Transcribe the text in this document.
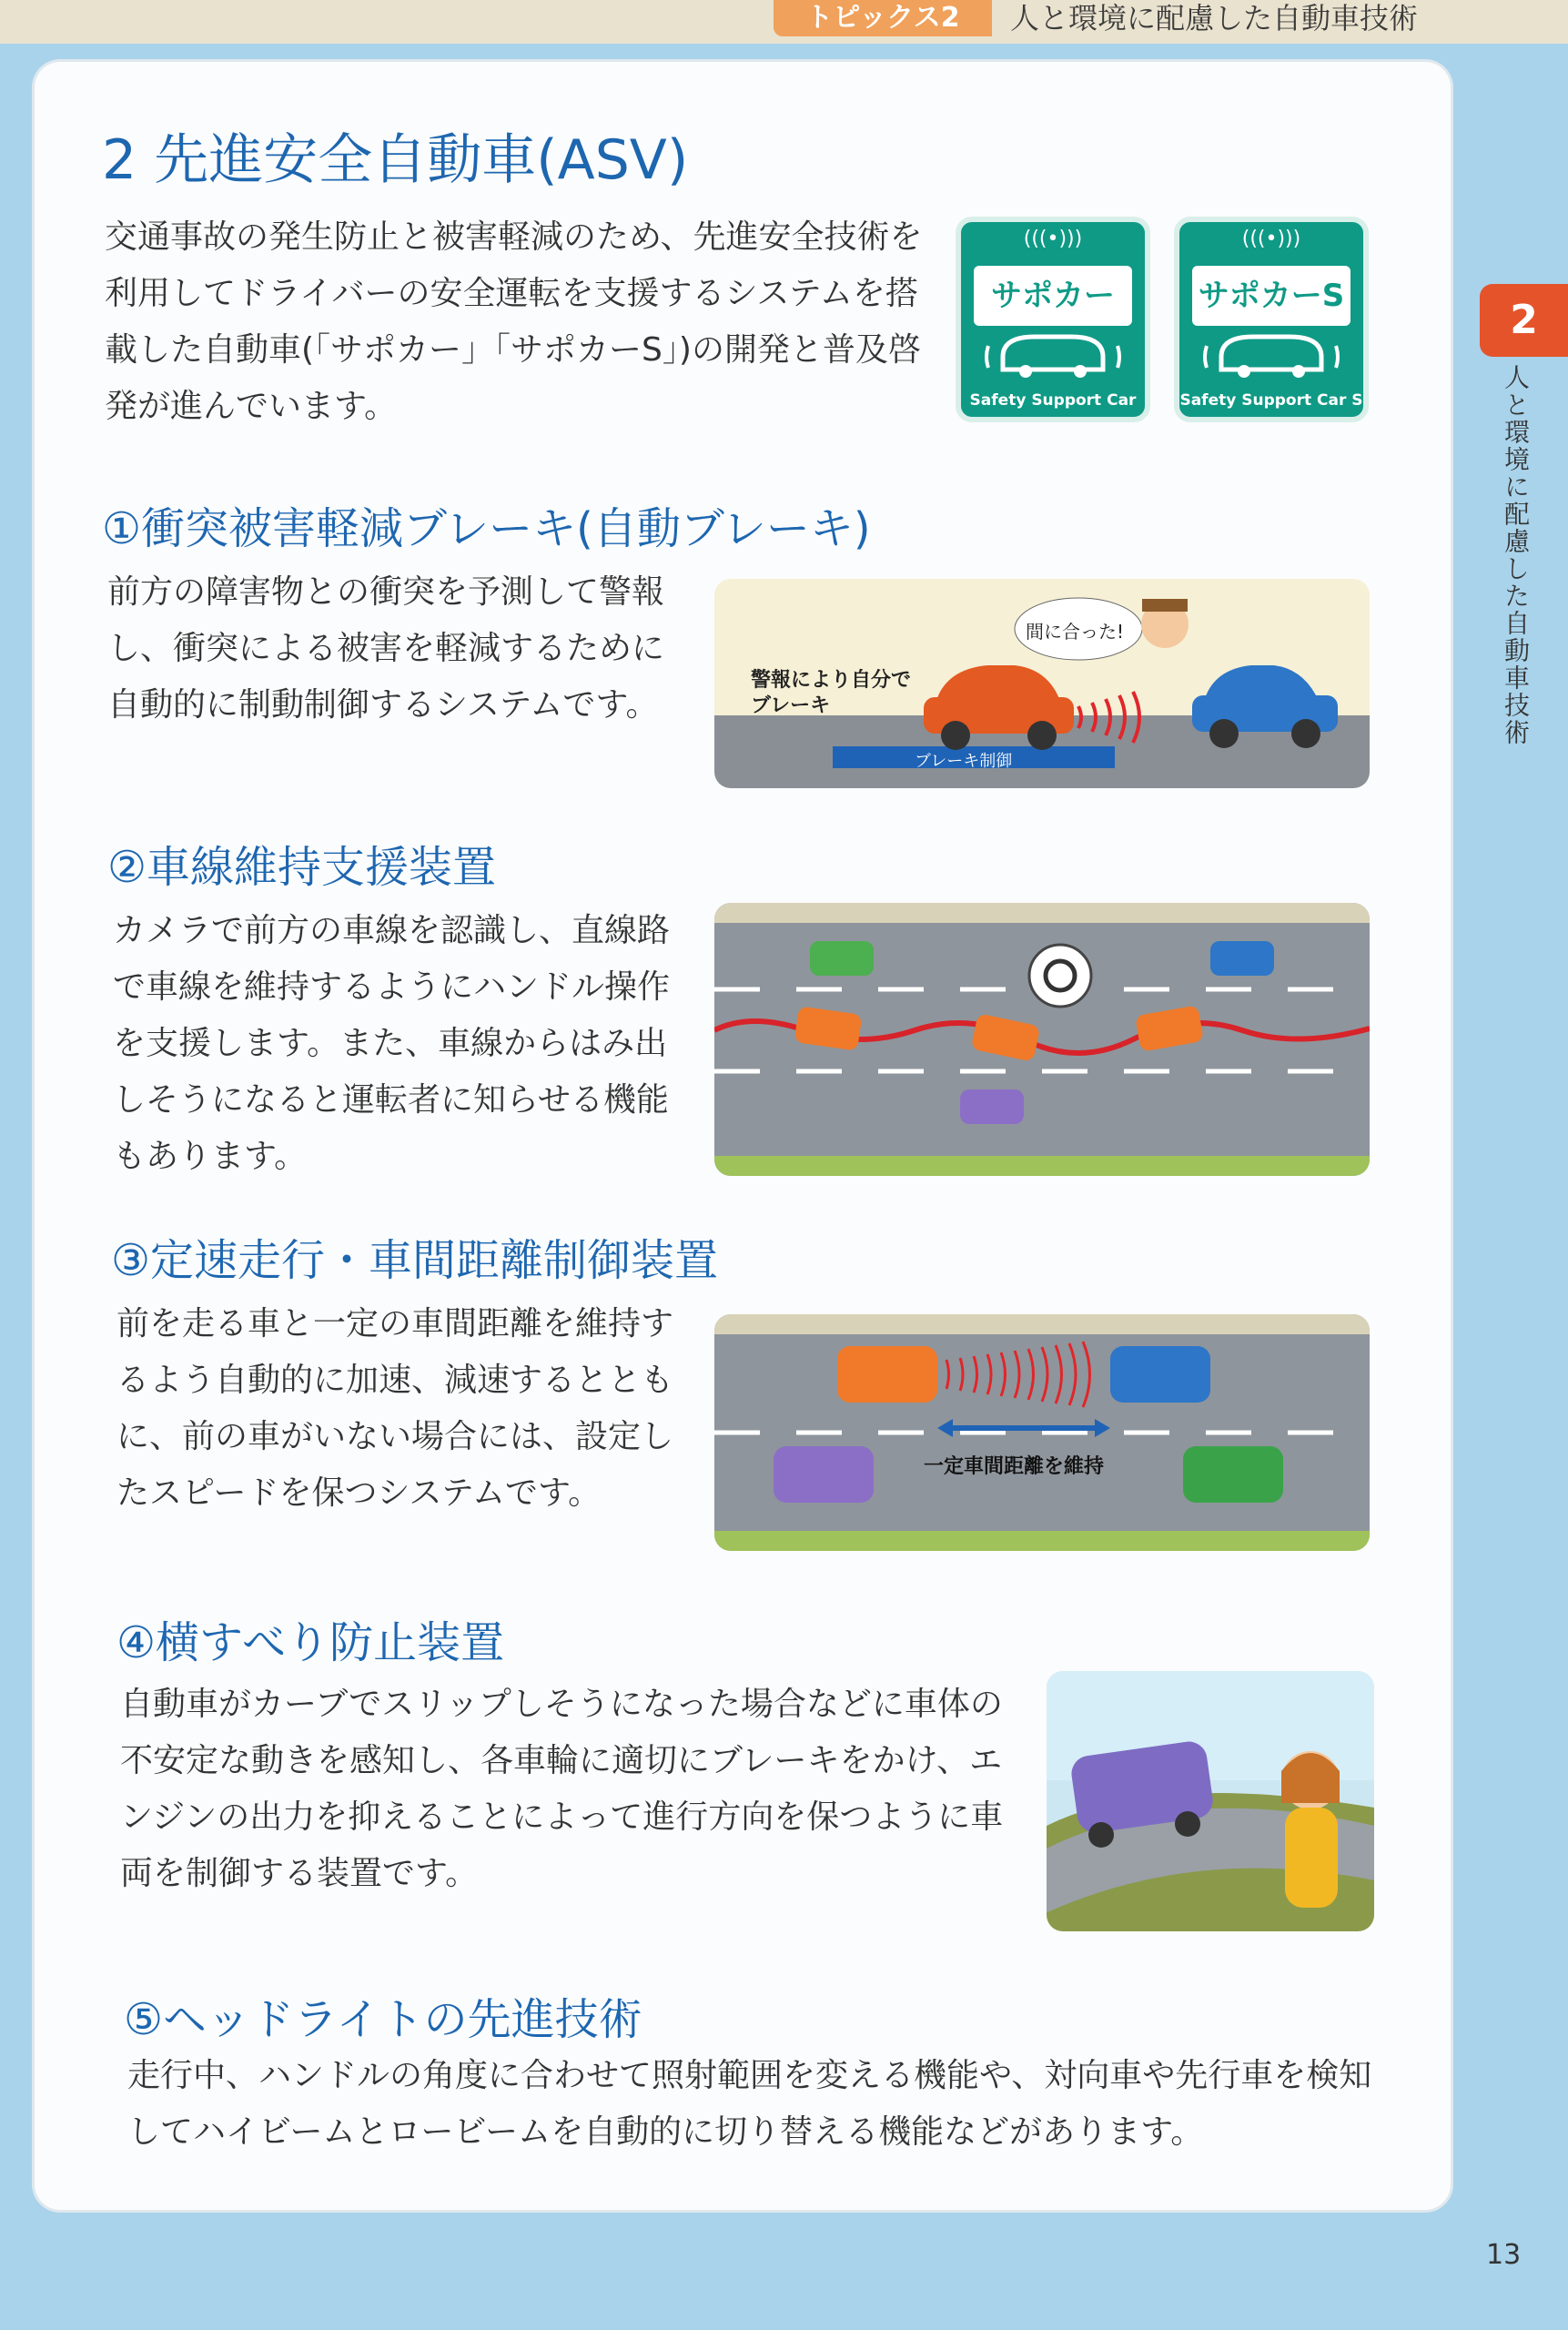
トピックス2	人と環境に配慮した自動車技術
2
人と環境に配慮した自動車技術
2 先進安全自動車(ASV)
交通事故の発生防止と被害軽減のため、先進安全技術を利用してドライバーの安全運転を支援するシステムを搭載した自動車(「サポカー」「サポカーS」)の開発と普及啓発が進んでいます。
(((•)))
サポカー
Safety Support Car
(((•)))
サポカーS
Safety Support Car S
①衝突被害軽減ブレーキ(自動ブレーキ)
前方の障害物との衝突を予測して警報し、衝突による被害を軽減するために自動的に制動制御するシステムです。
警報により自分でブレーキ
間に合った!
ブレーキ制御
②車線維持支援装置
カメラで前方の車線を認識し、直線路で車線を維持するようにハンドル操作を支援します。また、車線からはみ出しそうになると運転者に知らせる機能もあります。
③定速走行・車間距離制御装置
前を走る車と一定の車間距離を維持するよう自動的に加速、減速するとともに、前の車がいない場合には、設定したスピードを保つシステムです。
一定車間距離を維持
④横すべり防止装置
自動車がカーブでスリップしそうになった場合などに車体の不安定な動きを感知し、各車輪に適切にブレーキをかけ、エンジンの出力を抑えることによって進行方向を保つように車両を制御する装置です。
⑤ヘッドライトの先進技術
走行中、ハンドルの角度に合わせて照射範囲を変える機能や、対向車や先行車を検知してハイビームとロービームを自動的に切り替える機能などがあります。
13
